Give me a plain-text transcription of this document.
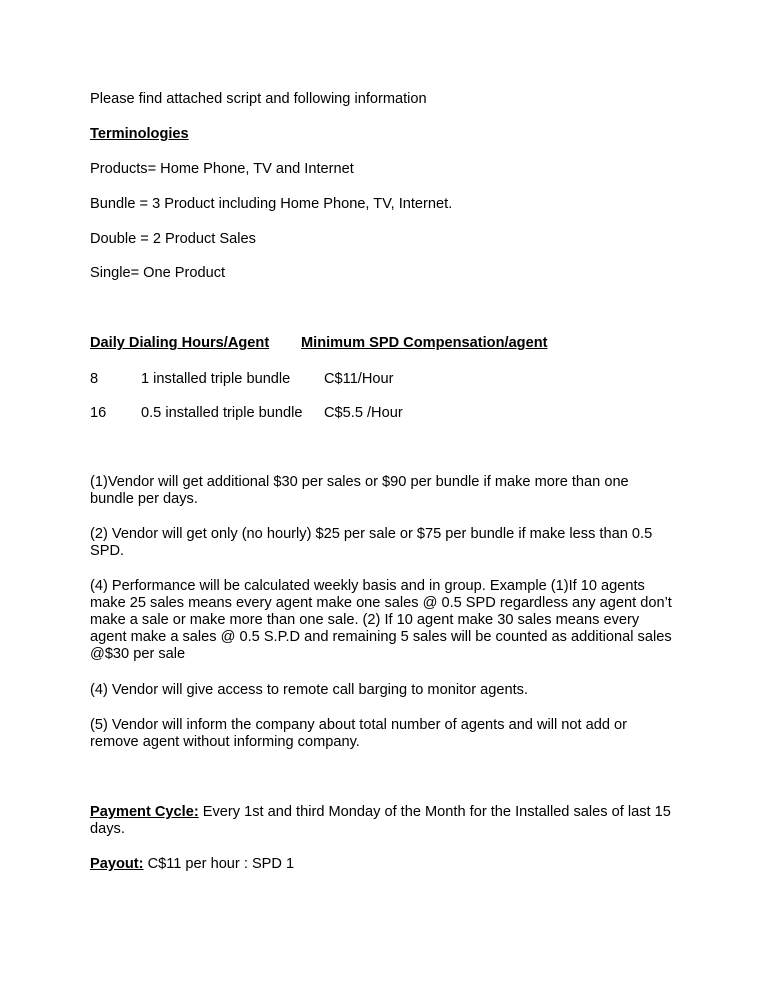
Please find attached script and following information
Terminologies
Products= Home Phone, TV and Internet
Bundle = 3 Product including Home Phone, TV, Internet.
Double = 2 Product Sales
Single= One Product
Daily Dialing Hours/Agent Minimum SPD Compensation/agent
8	1 installed triple bundle C$11/Hour
16 0.5 installed triple bundle C$5.5 /Hour
(1)Vendor will get additional $30 per sales or $90 per bundle if make more than one bundle per days.
(2) Vendor will get only (no hourly) $25 per sale or $75 per bundle if make less than 0.5 SPD.
(4) Performance will be calculated weekly basis and in group. Example (1)If 10 agents make 25 sales means every agent make one sales @ 0.5 SPD regardless any agent don’t make a sale or make more than one sale. (2) If 10 agent make 30 sales means every agent make a sales @ 0.5 S.P.D and remaining 5 sales will be counted as additional sales @$30 per sale
(4) Vendor will give access to remote call barging to monitor agents.
(5) Vendor will inform the company about total number of agents and will not add or remove agent without informing company.
Payment Cycle: Every 1st and third Monday of the Month for the Installed sales of last 15 days.
Payout: C$11 per hour : SPD 1
